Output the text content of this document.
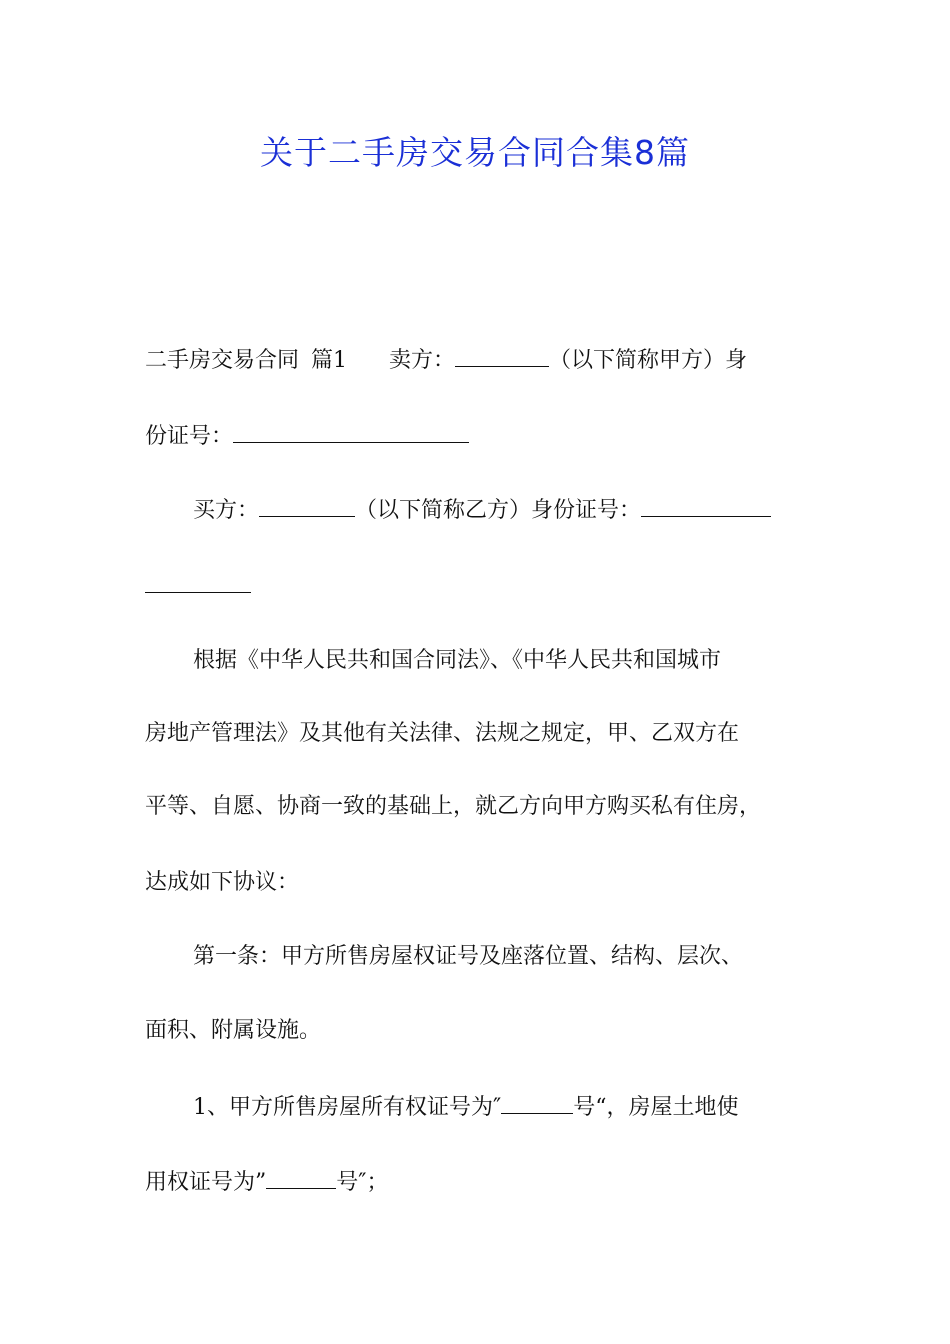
关于二手房交易合同合集8篇

二手房交易合同 篇1 卖方：	（以下简称甲方）身

份证号：

买方：	（以下简称乙方）身份证号：

根据《中华人民共和国合同法》、《中华人民共和国城市

房地产管理法》及其他有关法律、法规之规定，甲、乙双方在

平等、自愿、协商一致的基础上，就乙方向甲方购买私有住房，

达成如下协议：

第一条：甲方所售房屋权证号及座落位置、结构、层次、

面积、附属设施。

1、甲方所售房屋所有权证号为″	号“，房屋土地使

用权证号为”	号″；
